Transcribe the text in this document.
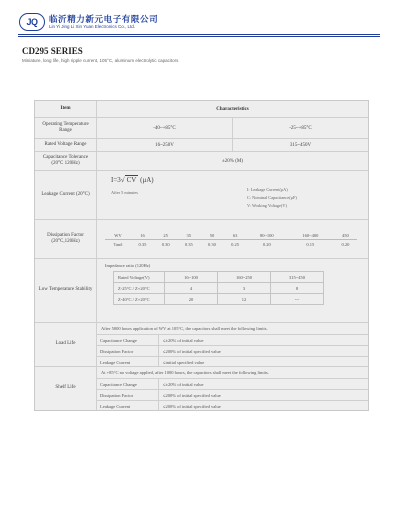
JQ 临沂精力新元电子有限公司
Lin Yi Jing Li Xin Yuan Electronics Co., Ltd.
CD295 SERIES
Miniature, long life, high ripple current, 105°C, aluminum electrolytic capacitors
Item	Characteristics
Operating Temperature Range	-40~+85°C	-25~+85°C
Rated Voltage Range	16~250V	315~450V
Capacitance Tolerance (20°C 120Hz)	±20% (M)
Leakage Current (20°C)
I=3√ CV (μA)
After 5 minutes
I: Leakage Current(μA)
C: Nominal Capacitance(μF)
V: Working Voltage(V)
Dissipation Factor (20°C,120Hz)
WV	16	25	35	50	63	80~100	160~400	450
Tanδ	0.35	0.30	0.35	0.30	0.25	0.20	0.15	0.20
Low Temperature Stability
Impedance ratio (120Hz)
Rated Voltage(V)	16~100	160~250	315~450
Z-25°C / Z+20°C	4	3	8
Z-40°C / Z+20°C	20	12	---
Load Life
After 5000 hours application of WV at 105°C, the capacitors shall meet the following limits.
Capacitance Change	≤±20% of initial value
Dissipation Factor	≤200% of initial specified value
Leakage Current	≤initial specified value
Shelf Life
At +85°C no voltage applied, after 1000 hours, the capacitors shall meet the following limits.
Capacitance Change	≤±20% of initial value
Dissipation Factor	≤200% of initial specified value
Leakage Current	≤200% of initial specified value
